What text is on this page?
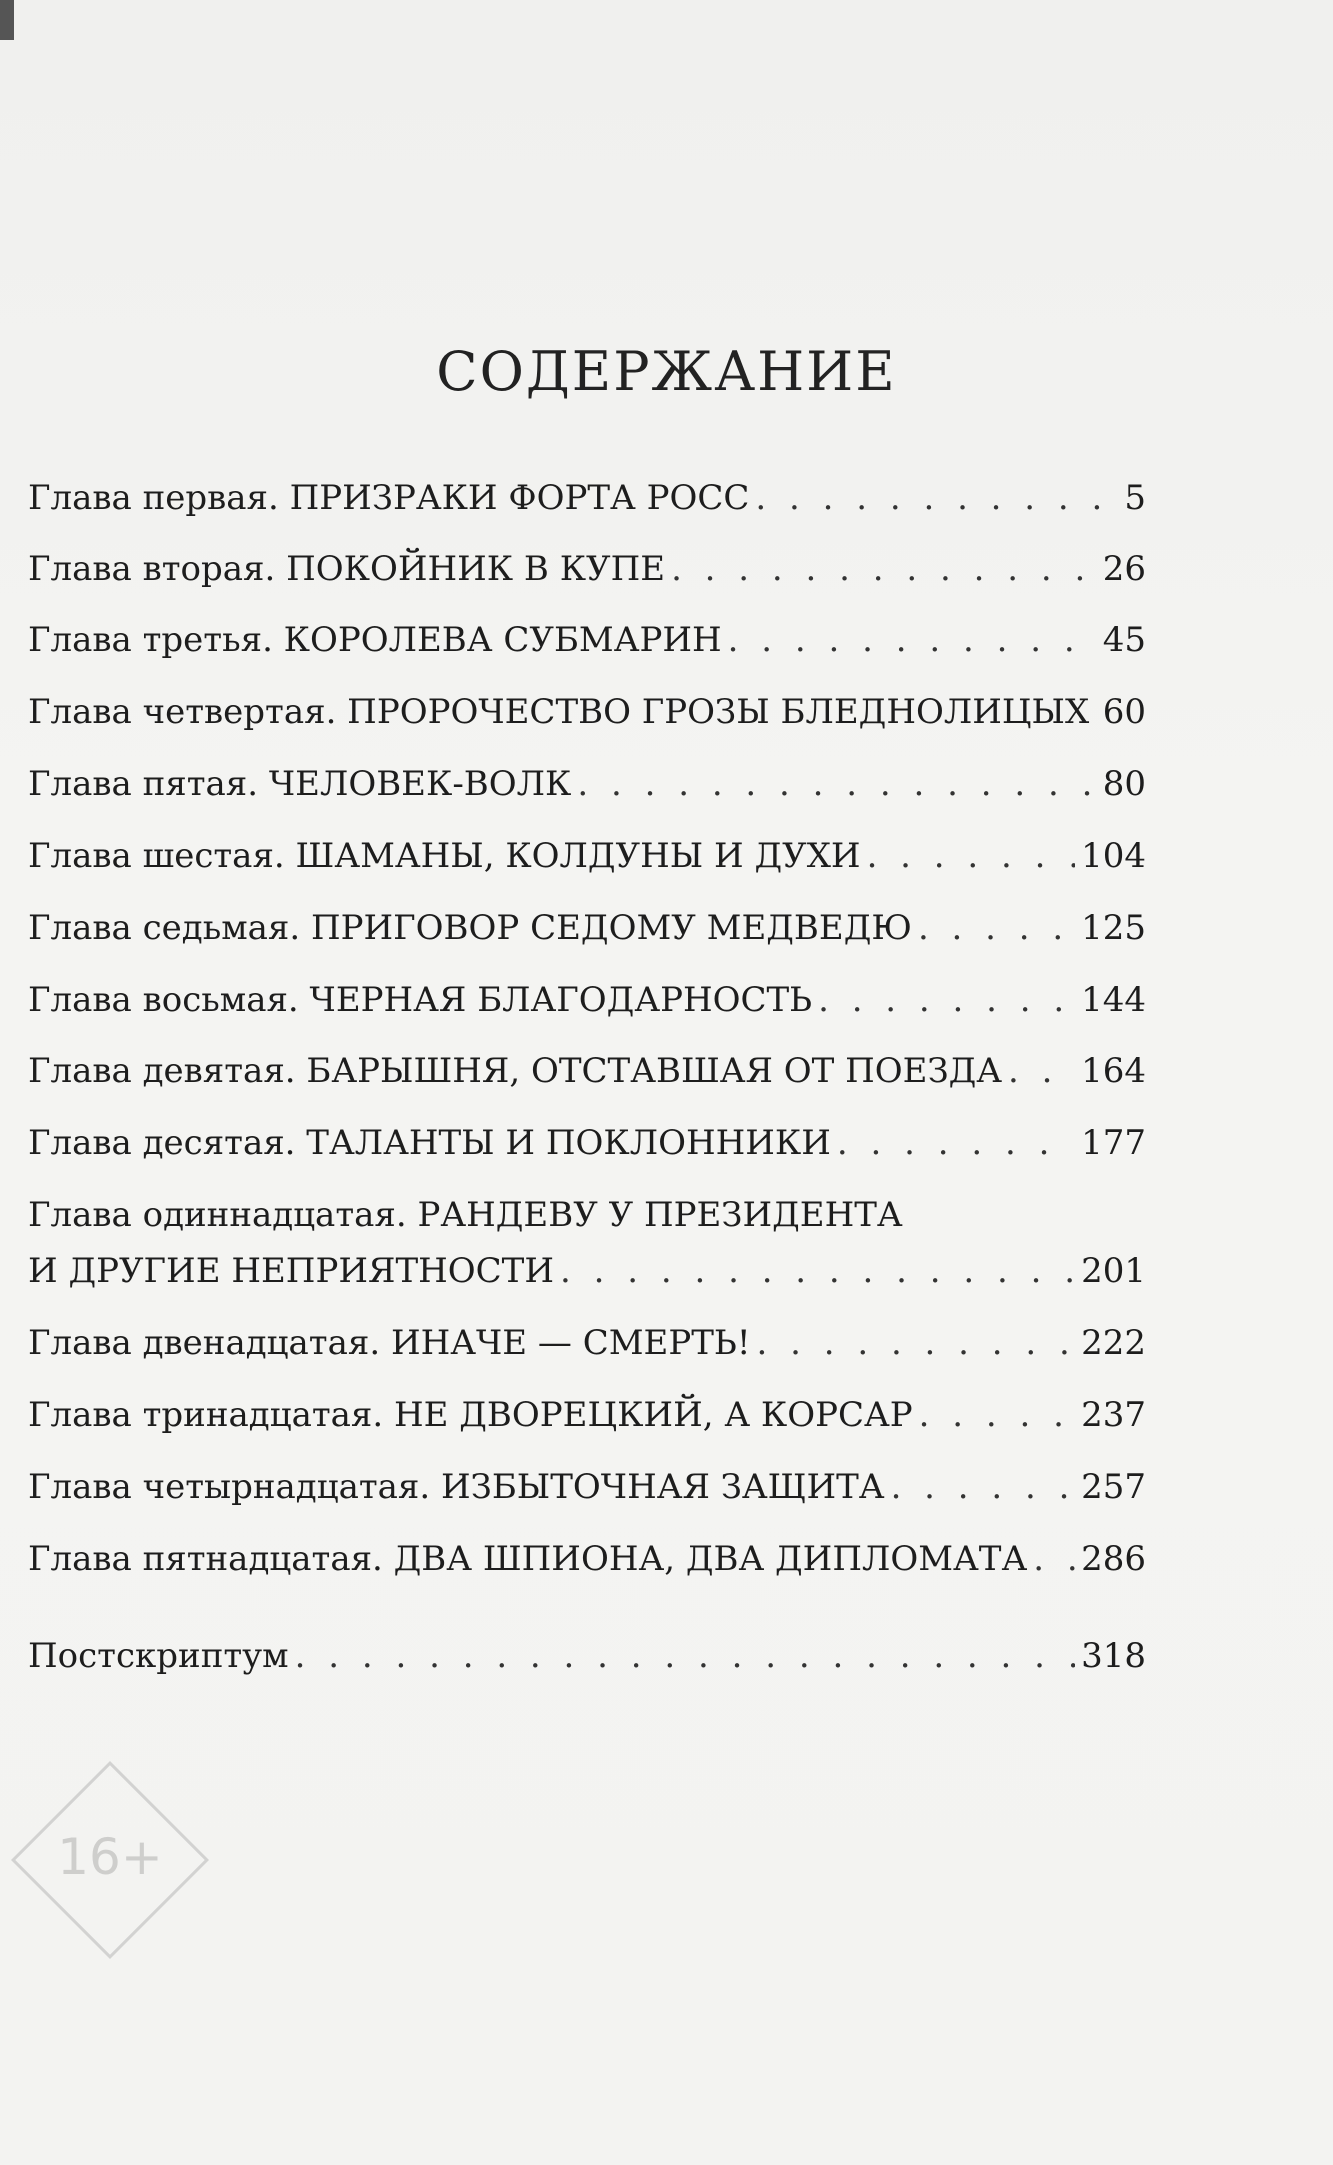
СОДЕРЖАНИЕ
Глава первая. ПРИЗРАКИ ФОРТА РОСС . . .	5
Глава вторая. ПОКОЙНИК В КУПЕ . . .	26
Глава третья. КОРОЛЕВА СУБМАРИН . . .	45
Глава четвертая. ПРОРОЧЕСТВО ГРОЗЫ БЛЕДНОЛИЦЫХ . . . 60
Глава пятая. ЧЕЛОВЕК-ВОЛК . . .	80
Глава шестая. ШАМАНЫ, КОЛДУНЫ И ДУХИ . . .	104
Глава седьмая. ПРИГОВОР СЕДОМУ МЕДВЕДЮ . . .	125
Глава восьмая. ЧЕРНАЯ БЛАГОДАРНОСТЬ . . .	144
Глава девятая. БАРЫШНЯ, ОТСТАВШАЯ ОТ ПОЕЗДА . . . 164
Глава десятая. ТАЛАНТЫ И ПОКЛОННИКИ . . .	177
Глава одиннадцатая. РАНДЕВУ У ПРЕЗИДЕНТА
И ДРУГИЕ НЕПРИЯТНОСТИ . . .	201
Глава двенадцатая. ИНАЧЕ — СМЕРТЬ! . . .	222
Глава тринадцатая. НЕ ДВОРЕЦКИЙ, А КОРСАР . . .	237
Глава четырнадцатая. ИЗБЫТОЧНАЯ ЗАЩИТА . . .	257
Глава пятнадцатая. ДВА ШПИОНА, ДВА ДИПЛОМАТА . . . 286
Постскриптум . . .	318
16+
